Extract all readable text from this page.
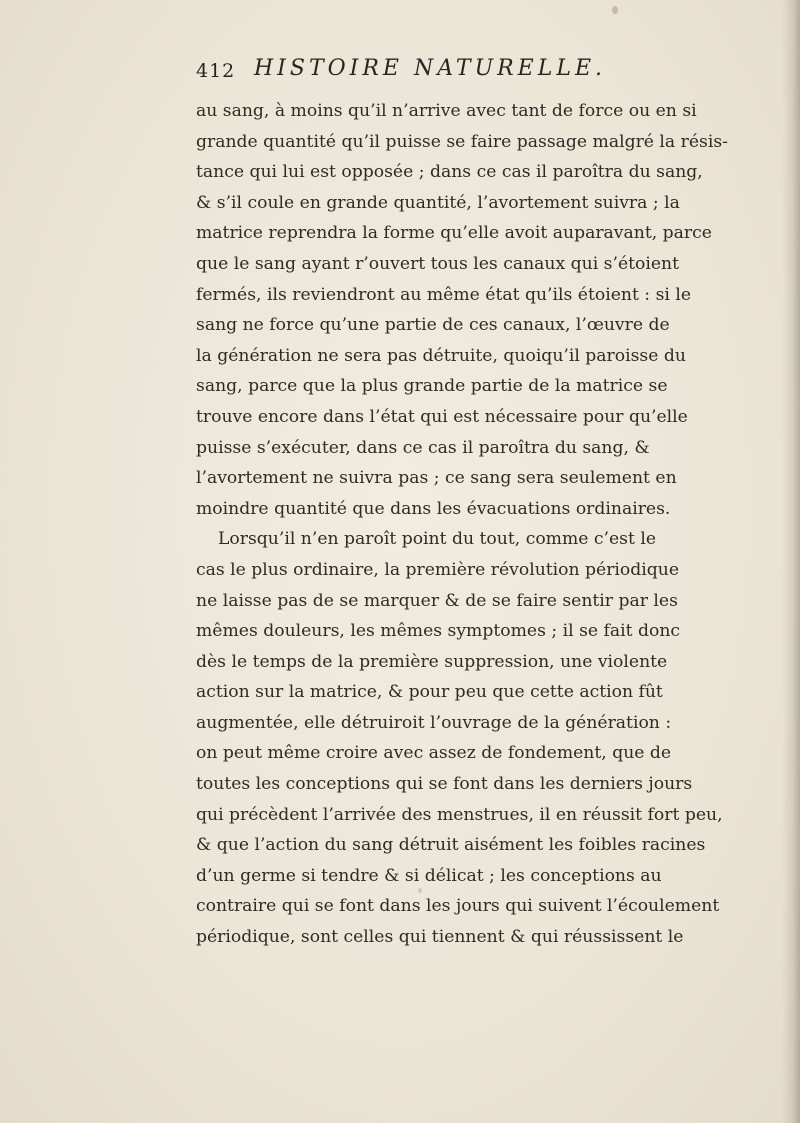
412 HISTOIRE NATURELLE.
au sang, à moins qu’il n’arrive avec tant de force ou en si
grande quantité qu’il puisse se faire passage malgré la résis-
tance qui lui est opposée ; dans ce cas il paroîtra du sang,
& s’il coule en grande quantité, l’avortement suivra ; la
matrice reprendra la forme qu’elle avoit auparavant, parce
que le sang ayant r’ouvert tous les canaux qui s’étoient
fermés, ils reviendront au même état qu’ils étoient : si le
sang ne force qu’une partie de ces canaux, l’œuvre de
la génération ne sera pas détruite, quoiqu’il paroisse du
sang, parce que la plus grande partie de la matrice se
trouve encore dans l’état qui est nécessaire pour qu’elle
puisse s’exécuter, dans ce cas il paroîtra du sang, &
l’avortement ne suivra pas ; ce sang sera seulement en
moindre quantité que dans les évacuations ordinaires.
Lorsqu’il n’en paroît point du tout, comme c’est le
cas le plus ordinaire, la première révolution périodique
ne laisse pas de se marquer & de se faire sentir par les
mêmes douleurs, les mêmes symptomes ; il se fait donc
dès le temps de la première suppression, une violente
action sur la matrice, & pour peu que cette action fût
augmentée, elle détruiroit l’ouvrage de la génération :
on peut même croire avec assez de fondement, que de
toutes les conceptions qui se font dans les derniers jours
qui précèdent l’arrivée des menstrues, il en réussit fort peu,
& que l’action du sang détruit aisément les foibles racines
d’un germe si tendre & si délicat ; les conceptions au
contraire qui se font dans les jours qui suivent l’écoulement
périodique, sont celles qui tiennent & qui réussissent le
